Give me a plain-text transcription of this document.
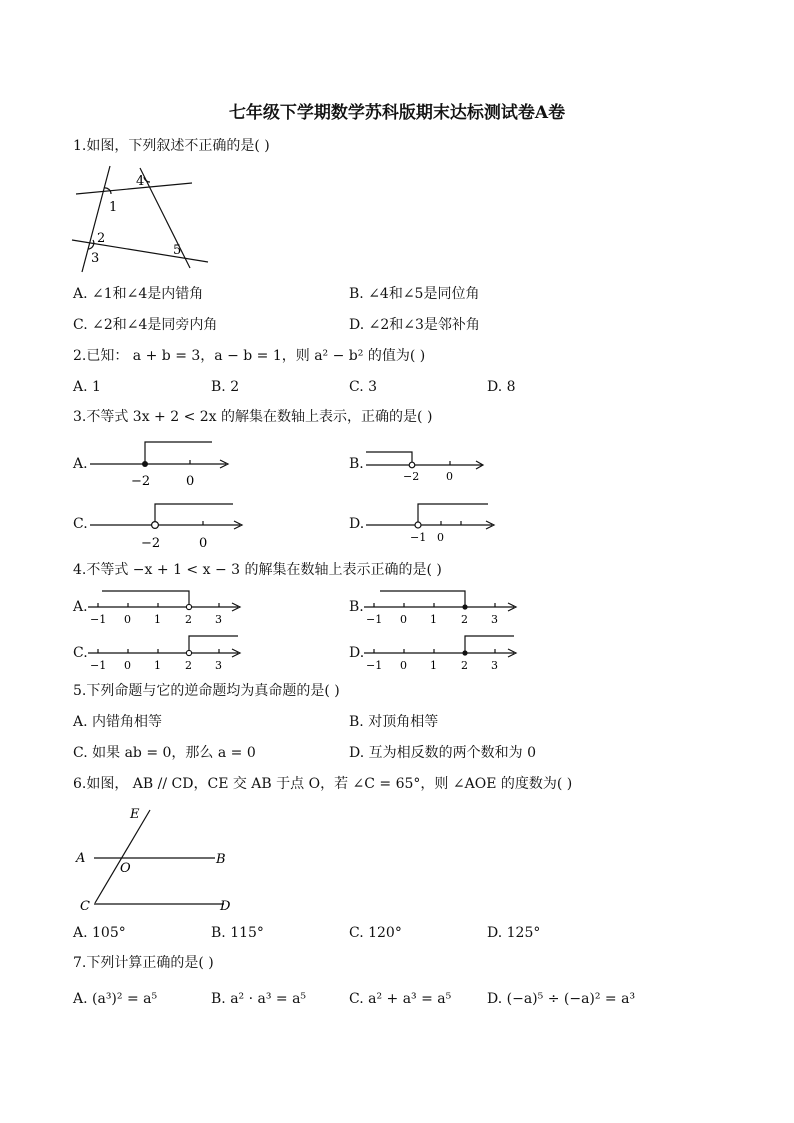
七年级下学期数学苏科版期末达标测试卷A卷
1.如图，下列叙述不正确的是( )
1
2
3
4
5
A. ∠1和∠4是内错角	B. ∠4和∠5是同位角
C. ∠2和∠4是同旁内角	D. ∠2和∠3是邻补角
2.已知： a + b = 3，a − b = 1，则 a² − b² 的值为( )
A. 1	B. 2	C. 3	D. 8
3.不等式 3x + 2 < 2x 的解集在数轴上表示，正确的是( )
A.
−2	0
B.
−2 0
C.
−2	0
D.
−1 0
4.不等式 −x + 1 < x − 3 的解集在数轴上表示正确的是( )
A.
−1 0 1 2 3
B.
−1 0 1 2 3
C.
−1 0 1 2 3
D.
−1 0 1 2 3
5.下列命题与它的逆命题均为真命题的是( )
A. 内错角相等	B. 对顶角相等
C. 如果 ab = 0，那么 a = 0	D. 互为相反数的两个数和为 0
6.如图， AB // CD，CE 交 AB 于点 O，若 ∠C = 65°，则 ∠AOE 的度数为( )
E
A	B
O
C	D
A. 105°	B. 115°	C. 120°	D. 125°
7.下列计算正确的是( )
A. (a³)² = a⁵	B. a² · a³ = a⁵	C. a² + a³ = a⁵	D. (−a)⁵ ÷ (−a)² = a³
